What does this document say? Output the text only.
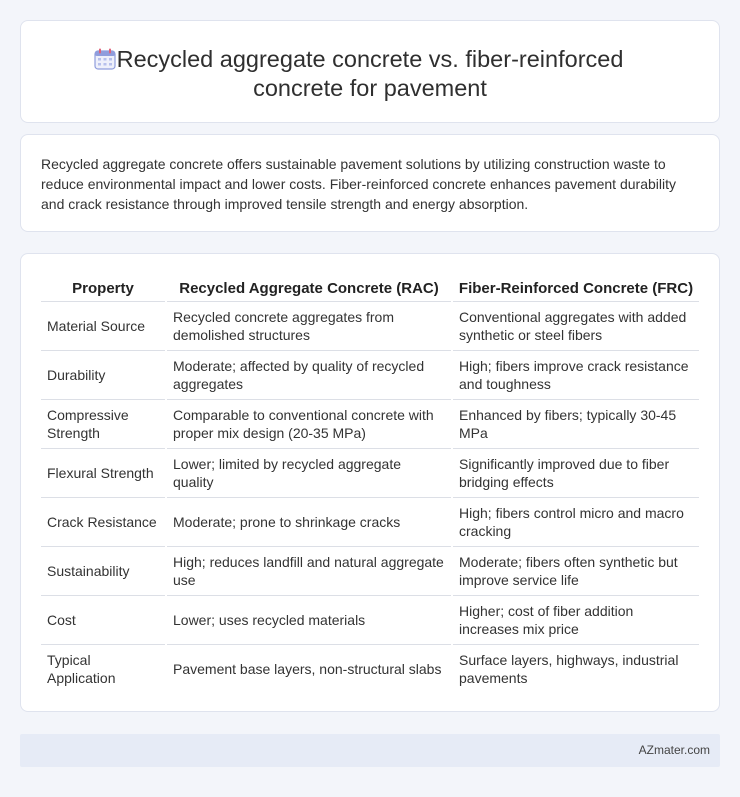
Recycled aggregate concrete vs. fiber-reinforced concrete for pavement

Recycled aggregate concrete offers sustainable pavement solutions by utilizing construction waste to reduce environmental impact and lower costs. Fiber-reinforced concrete enhances pavement durability and crack resistance through improved tensile strength and energy absorption.

Property	Recycled Aggregate Concrete (RAC)	Fiber-Reinforced Concrete (FRC)
Material Source	Recycled concrete aggregates from demolished structures	Conventional aggregates with added synthetic or steel fibers
Durability	Moderate; affected by quality of recycled aggregates	High; fibers improve crack resistance and toughness
Compressive Strength	Comparable to conventional concrete with proper mix design (20-35 MPa)	Enhanced by fibers; typically 30-45 MPa
Flexural Strength	Lower; limited by recycled aggregate quality	Significantly improved due to fiber bridging effects
Crack Resistance	Moderate; prone to shrinkage cracks	High; fibers control micro and macro cracking
Sustainability	High; reduces landfill and natural aggregate use	Moderate; fibers often synthetic but improve service life
Cost	Lower; uses recycled materials	Higher; cost of fiber addition increases mix price
Typical Application	Pavement base layers, non-structural slabs	Surface layers, highways, industrial pavements
AZmater.com
